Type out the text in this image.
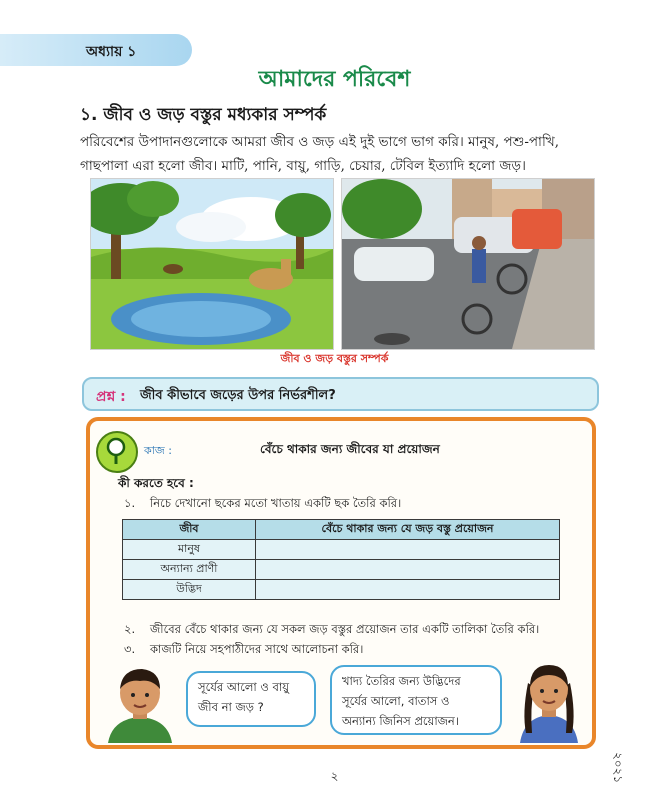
অধ্যায় ১
আমাদের পরিবেশ
১. জীব ও জড় বস্তুর মধ্যকার সম্পর্ক
পরিবেশের উপাদানগুলোকে আমরা জীব ও জড় এই দুই ভাগে ভাগ করি। মানুষ, পশু-পাখি,
গাছপালা এরা হলো জীব। মাটি, পানি, বায়ু, গাড়ি, চেয়ার, টেবিল ইত্যাদি হলো জড়।
জীব ও জড় বস্তুর সম্পর্ক
প্রশ্ন : জীব কীভাবে জড়ের উপর নির্ভরশীল?
কাজ :	বেঁচে থাকার জন্য জীবের যা প্রয়োজন
কী করতে হবে :
১. নিচে দেখানো ছকের মতো খাতায় একটি ছক তৈরি করি।
জীব	বেঁচে থাকার জন্য যে জড় বস্তু প্রয়োজন
মানুষ	
অন্যান্য প্রাণী	
উদ্ভিদ	
২. জীবের বেঁচে থাকার জন্য যে সকল জড় বস্তুর প্রয়োজন তার একটি তালিকা তৈরি করি।
৩. কাজটি নিয়ে সহপাঠীদের সাথে আলোচনা করি।
সূর্যের আলো ও বায়ু
জীব না জড় ?
খাদ্য তৈরির জন্য উদ্ভিদের
সূর্যের আলো, বাতাস ও
অন্যান্য জিনিস প্রয়োজন।
২	২০২১
